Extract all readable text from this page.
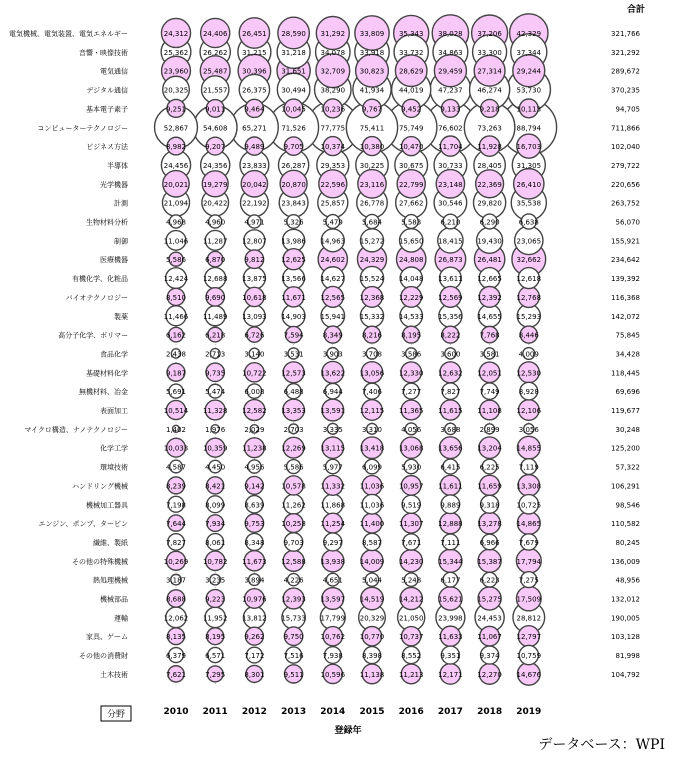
2010 2011 2012 2013 2014 2015 2016 2017 2018 2019
電気機械、電気装置、電気エネルギー	24,312 24,406 26,451 28,590 31,292 33,809 35,343 38,028 37,206 42,329	321,766
音響・映像技術	25,362 26,262 31,215 31,218 34,078 33,918 33,732 34,863 33,300 37,344	321,292
電気通信	23,960 25,487 30,396 31,651 32,709 30,823 28,629 29,459 27,314 29,244	289,672
デジタル通信	20,325 21,557 26,375 30,494 38,290 41,934 44,019 47,237 46,274 53,730	370,235
基本電子素子	9,251	9,011	9,464 10,045 10,236 9,767	9,452	9,133	9,218 10,113	94,705
コンピューターテクノロジー	52,867 54,608 65,271 71,526 77,775 75,411 75,749 76,602 73,263 88,794	711,866
ビジネス方法	8,982	9,207	9,489	9,705 10,374 10,380 10,470 11,704 11,928 16,703	102,040
半導体	24,456 24,356 23,833 26,287 29,353 30,225 30,675 30,733 28,405 31,305	279,722
光学機器	20,021 19,279 20,042 20,870 22,596 23,116 22,799 23,148 22,369 26,410	220,656
計測	21,094 20,422 22,192 23,843 25,857 26,778 27,662 30,546 29,820 35,538	263,752
生物材料分析	4,968	4,960	4,971	5,326	5,479	5,684	5,583	6,210	6,290	6,638	56,070
制御	11,046 11,287 12,807 13,986 14,963 15,272 15,650 18,415 19,430 23,065	155,921
医療機器	5,586	6,870	9,812 12,625 24,602 24,329 24,808 26,873 26,481 32,662	234,642
有機化学、化粧品	12,424 12,688 13,875 13,566 14,627 15,524 14,048 13,611 12,665 12,618	139,392
バイオテクノロジー	8,510	9,690 10,618 11,671 12,565 12,368 12,229 12,569 12,392 12,768	116,368
製薬	11,466 11,489 13,093 14,903 15,941 15,332 14,533 15,356 14,655 15,293	142,072
高分子化学、ポリマー	6,162	6,218	6,726	7,594	8,349	8,216	8,195	8,222	7,768	8,446	75,845
食品化学	2,438	2,713	3,140	3,531	3,903	3,708	3,586	3,600	3,581	4,009	34,428
基礎材料化学	9,187	9,735 10,722 12,573 13,622 13,056 12,330 12,632 12,051 12,530	118,445
無機材料、冶金	5,691	5,474	6,008	6,488	6,944	7,406	7,277	7,827	7,749	8,928	69,696
表面加工	10,514 11,328 12,582 13,353 13,591 12,115 11,365 11,615 11,108 12,106	119,677
マイクロ構造、ナノテクノロジー	1,402	1,976	2,029	2,703	3,335	3,310	4,056	3,688	2,899	3,056	30,248
化学工学	10,033 10,359 11,238 12,269 13,115 13,418 13,068 13,656 13,204 14,855	125,200
環境技術	4,587	4,450	4,956	5,586	5,977	6,099	5,930	6,415	6,225	7,119	57,322
ハンドリング機械	8,239	8,421	9,142 10,578 11,332 11,036 10,957 11,611 11,659 13,308	106,291
機械加工器具	7,198	8,099	8,639 11,262 11,868 11,036 9,519	9,889	9,318 10,725	98,546
エンジン、ポンプ、タービン	7,644	7,934	9,753 10,258 11,254 11,400 11,307 12,888 13,278 14,865	110,582
繊維、製紙	7,827	8,061	8,348	9,703	9,297	8,587	7,671	7,111	6,966	7,679	80,245
その他の特殊機械	10,269 10,782 11,673 12,588 13,938 14,009 14,230 15,344 15,387 17,794	136,009
熱処理機械	3,187	3,235	3,894	4,226	4,651	5,044	5,248	6,177	6,223	7,275	48,956
機械部品	8,688	9,223 10,976 12,393 13,597 14,519 14,212 15,621 15,275 17,509	132,012
運輸	12,062 11,952 13,812 15,733 17,799 20,329 21,050 23,998 24,453 28,812	190,005
家具、ゲーム	8,135	8,195	9,262	9,750 10,762 10,770 10,737 11,633 11,067 12,797	103,128
その他の消費財	6,379	6,571	7,172	7,516	7,938	8,398	8,552	9,351	9,374 10,759	81,998
土木技術	7,621	7,295	8,301	9,511 10,596 11,138 11,213 12,171 12,270 14,676	104,792
合計
分野
登録年
データベース：WPI
